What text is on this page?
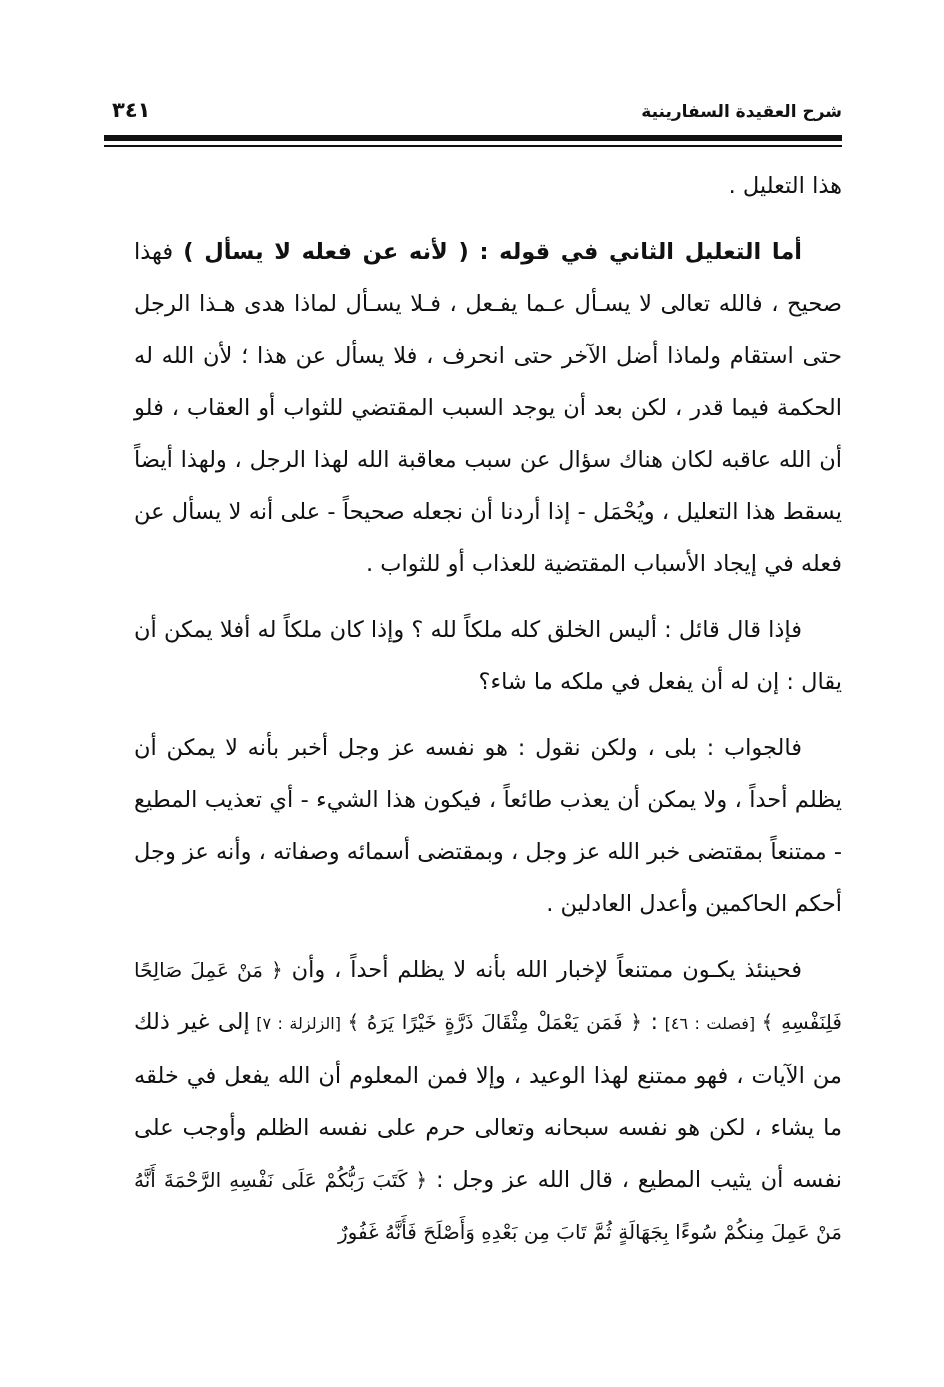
شرح العقيدة السفارينية
٣٤١

هذا التعليل .

أما التعليل الثاني في قوله : ( لأنه عن فعله لا يسأل ) فهذا صحيح ، فالله تعالى لا يسـأل عـما يفـعل ، فـلا يسـأل لماذا هدى هـذا الرجل حتى استقام ولماذا أضل الآخر حتى انحرف ، فلا يسأل عن هذا ؛ لأن الله له الحكمة فيما قدر ، لكن بعد أن يوجد السبب المقتضي للثواب أو العقاب ، فلو أن الله عاقبه لكان هناك سؤال عن سبب معاقبة الله لهذا الرجل ، ولهذا أيضاً يسقط هذا التعليل ، ويُحْمَل - إذا أردنا أن نجعله صحيحاً - على أنه لا يسأل عن فعله في إيجاد الأسباب المقتضية للعذاب أو للثواب .

فإذا قال قائل : أليس الخلق كله ملكاً لله ؟ وإذا كان ملكاً له أفلا يمكن أن يقال : إن له أن يفعل في ملكه ما شاء؟

فالجواب : بلى ، ولكن نقول : هو نفسه عز وجل أخبر بأنه لا يمكن أن يظلم أحداً ، ولا يمكن أن يعذب طائعاً ، فيكون هذا الشيء - أي تعذيب المطيع - ممتنعاً بمقتضى خبر الله عز وجل ، وبمقتضى أسمائه وصفاته ، وأنه عز وجل أحكم الحاكمين وأعدل العادلين .

فحينئذ يكـون ممتنعاً لإخبار الله بأنه لا يظلم أحداً ، وأن ﴿ مَنْ عَمِلَ صَالِحًا فَلِنَفْسِهِ ﴾ [فصلت : ٤٦] : ﴿ فَمَن يَعْمَلْ مِثْقَالَ ذَرَّةٍ خَيْرًا يَرَهُ ﴾ [الزلزلة : ٧] إلى غير ذلك من الآيات ، فهو ممتنع لهذا الوعيد ، وإلا فمن المعلوم أن الله يفعل في خلقه ما يشاء ، لكن هو نفسه سبحانه وتعالى حرم على نفسه الظلم وأوجب على نفسه أن يثيب المطيع ، قال الله عز وجل : ﴿ كَتَبَ رَبُّكُمْ عَلَى نَفْسِهِ الرَّحْمَةَ أَنَّهُ مَنْ عَمِلَ مِنكُمْ سُوءًا بِجَهَالَةٍ ثُمَّ تَابَ مِن بَعْدِهِ وَأَصْلَحَ فَأَنَّهُ غَفُورٌ
